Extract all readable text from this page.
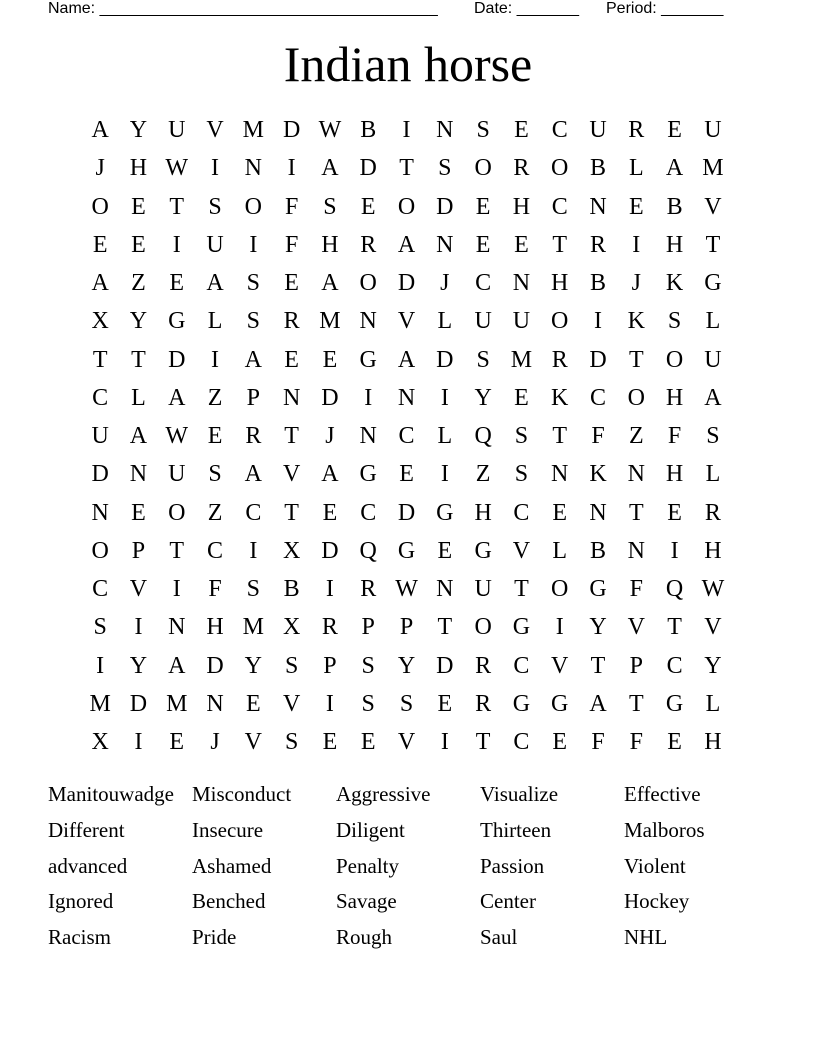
Name: ______________________________________ Date: _______ Period: _______
Indian horse
A Y U V M D W B	I	N S	E C U R E U
J	H W I	N	I	A D T	S O R O B L A M
O E T	S O F	S	E O D E H C N E B V
E E	I	U	I	F H R A N E E T R	I	H T
A Z E A S	E A O D	J	C N H B	J	K G
X Y G L	S R M N V L U U O	I	K S	L
T T D	I	A E E G A D S M R D T O U
C L A Z	P N D	I	N	I	Y E K C O H A
U A W E R T	J	N C L Q S	T	F	Z	F	S
D N U S A V A G E	I	Z	S N K N H L
N E O Z C T E C D G H C E N T E R
O P	T C	I	X D Q G E G V L B N	I	H
C V	I	F	S B	I	R W N U T O G F Q W
S	I	N H M X R P	P	T O G	I	Y V T V
I	Y A D Y S	P	S Y D R C V T	P C Y
M D M N E V	I	S	S	E R G G A T G L
X	I	E	J	V S	E E V	I	T C E	F	F	E H
Manitouwadge Misconduct	Aggressive	Visualize	Effective
Different	Insecure	Diligent	Thirteen	Malboros
advanced	Ashamed	Penalty	Passion	Violent
Ignored	Benched	Savage	Center	Hockey
Racism	Pride	Rough	Saul	NHL
